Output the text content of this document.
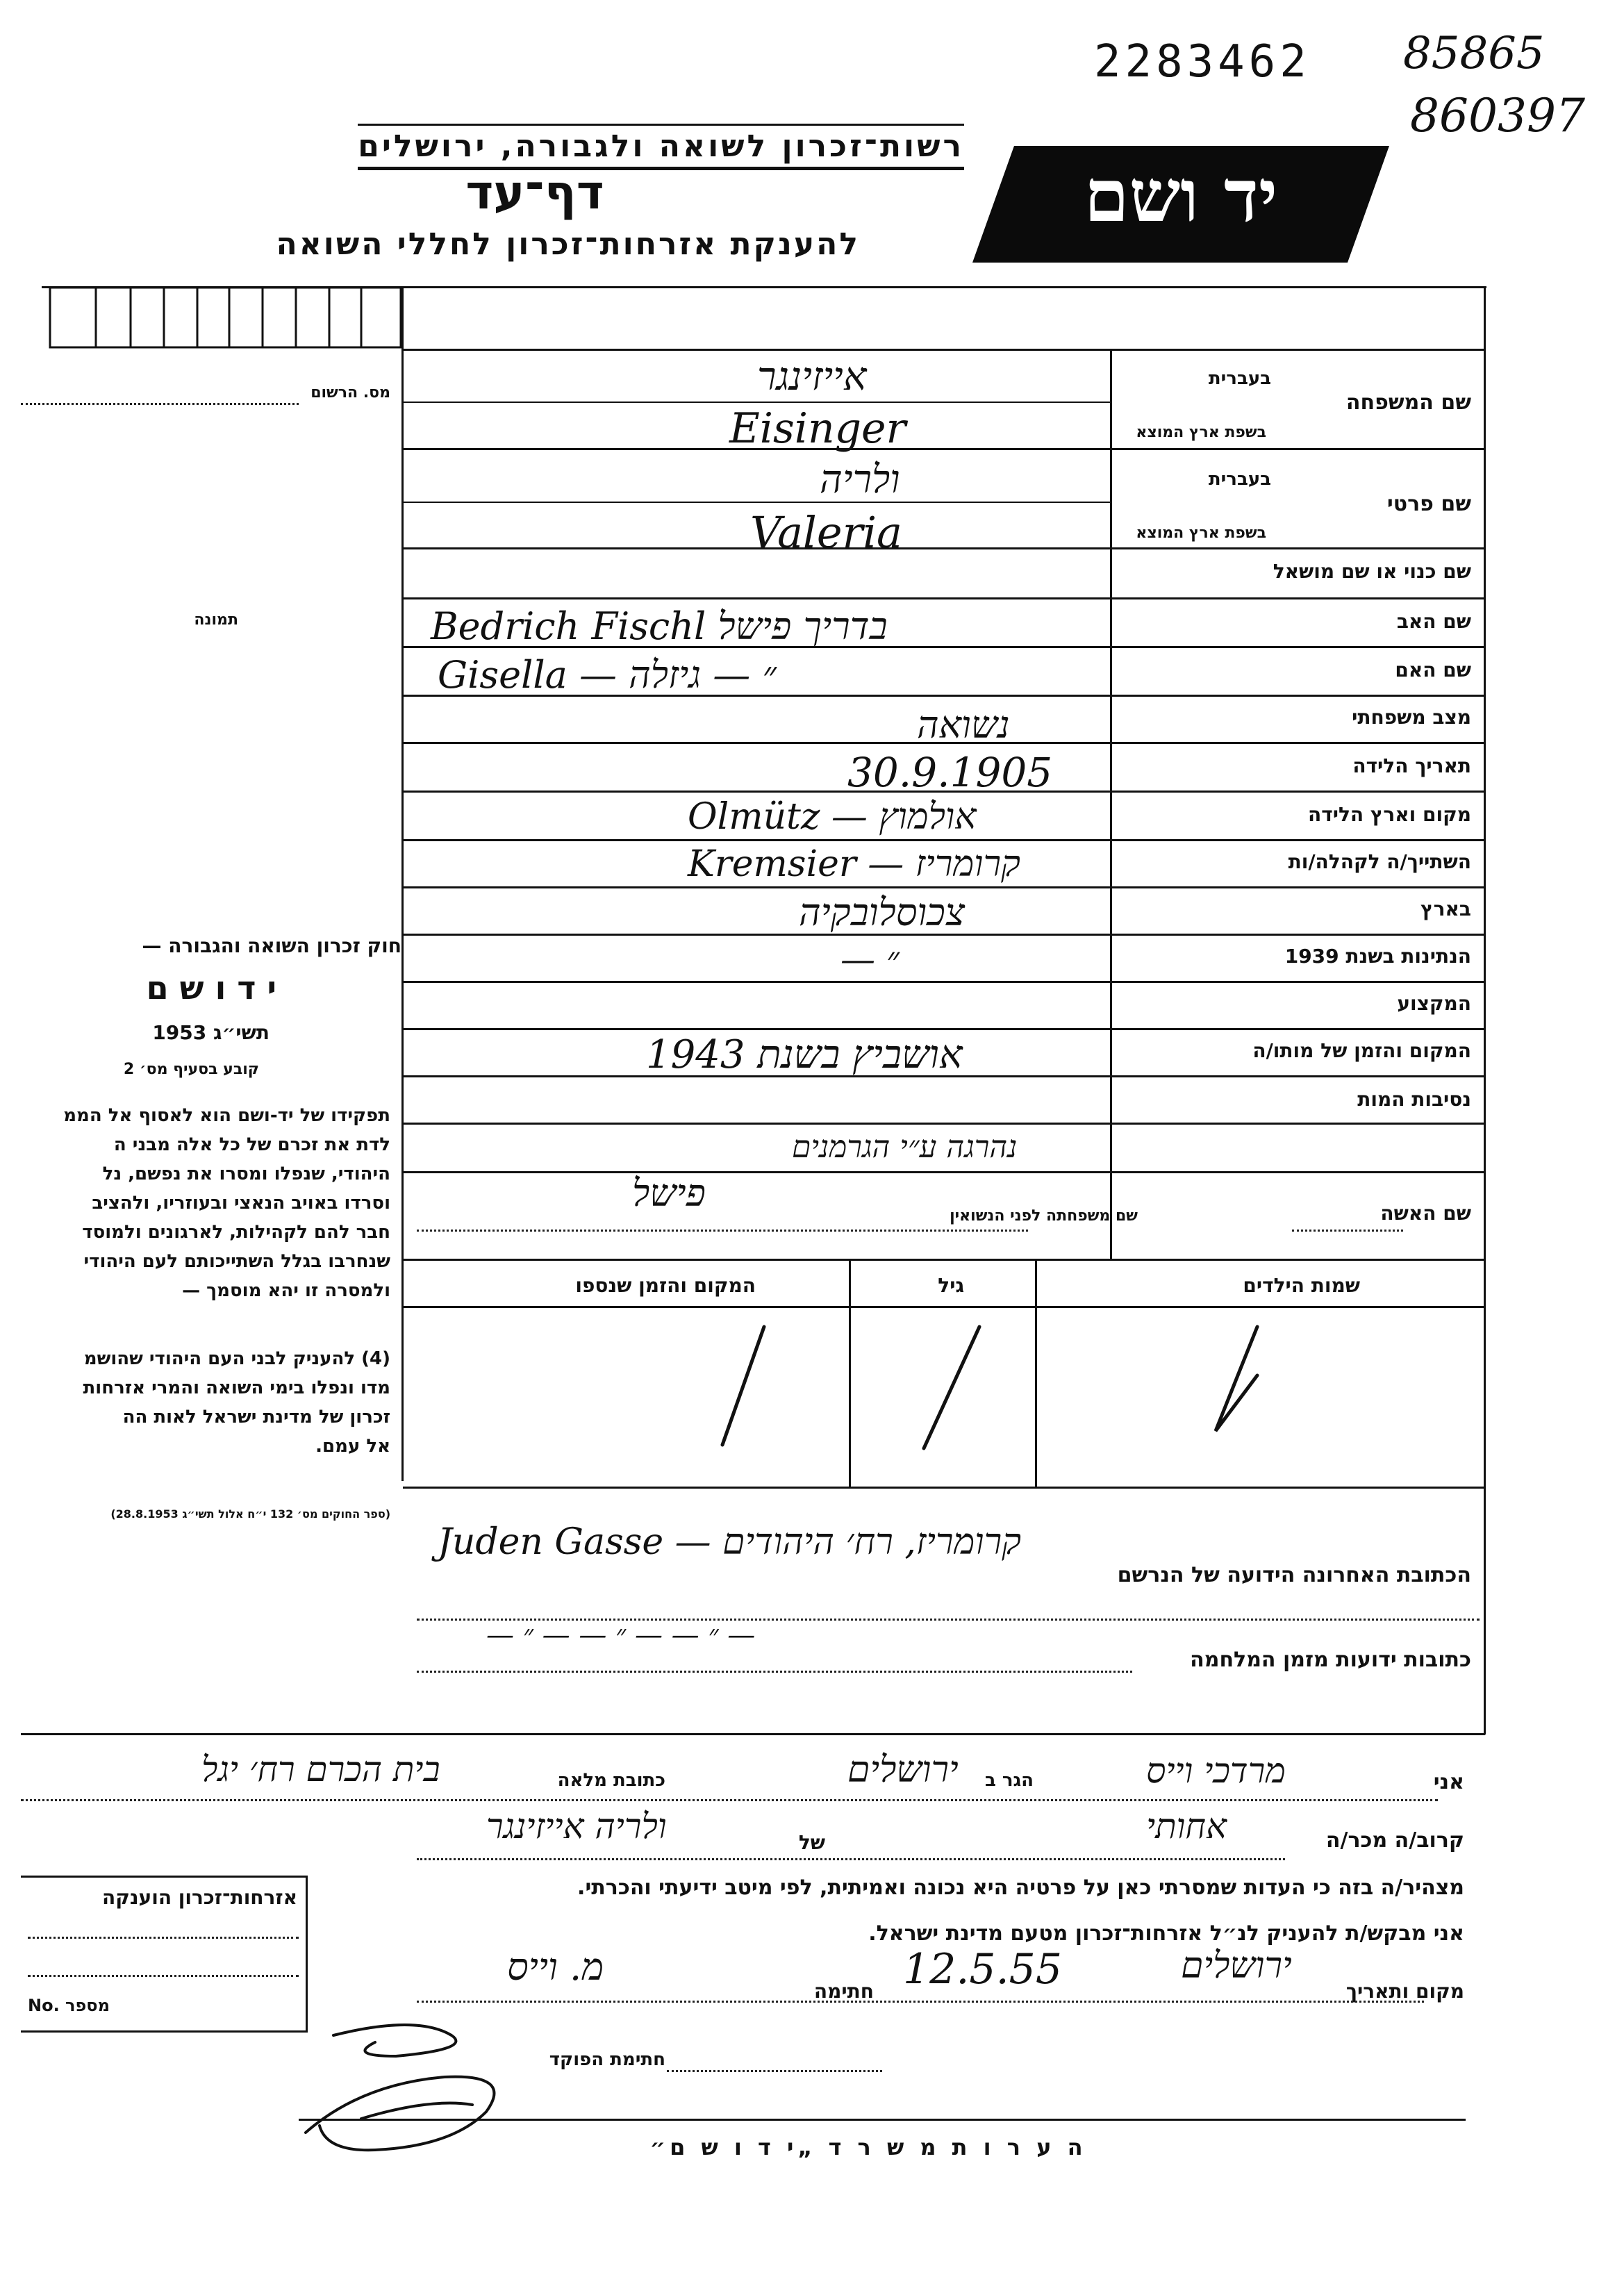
2283462 85865
860397
רשות־זכרון לשואה ולגבורה, ירושלים
דף־עד
להענקת אזרחות־זכרון לחללי השואה
יד ושם
מס. הרשום
תמונה
חוק זכרון השואה והגבורה —
י ד ו ש ם
תשי״ג 1953
קובע בסעיף מס׳ 2
תפקידו של יד-ושם הוא לאסוף אל הממ
לדת את זכרם של כל אלה מבני ה
היהודי, שנפלו ומסרו את נפשם, נל
וסרדו באויב הנאצי ובעוזריו, ולהציב
חבר להם לקהילות, לארגונים ולמוסד
שנחרבו בגלל השתייכותם לעם היהודי
ולמסרה זו יהא מוסמך —
(4) להעניק לבני העם היהודי שהושמ
מדו ונפלו בימי השואה והמרי אזרחות
זכרון של מדינת ישראל לאות הה
אל עמם.
(ספר החוקים מס׳ 132 י״ח אלול תשי״ג 28.8.1953)
בעברית
שם המשפחה
בשפת ארץ המוצא
בעברית
שם פרטי
בשפת ארץ המוצא
שם כנוי או שם מושאל
שם האב
שם האם
מצב משפחתי
תאריך הלידה
מקום וארץ הלידה
השתייך/ה לקהלה/ות
בארץ
הנתינות בשנת 1939
המקצוע
המקום והזמן של מותו/ה
נסיבות המות
שם האשה
שם משפחתה לפני הנשואין
שמות הילדים
גיל
המקום והזמן שנספו
אייזינגר
Eisinger
ולריה
Valeria
Bedrich Fischl בדריך פישל
Gisella — ״ — גיזלה
נשואה
30.9.1905
Olmütz — אולמוץ
Kremsier — קרומריז
צכוסלובקיה
— ״
אושביץ בשנת 1943
נהרגה ע״י הגרמנים
פישל
הכתובת האחרונה הידועה של הנרשם
Juden Gasse — קרומריז, רח׳ היהודים
כתובות ידועות מזמן המלחמה
— ״ — — ״ — — ״ —
אני
מרדכי וייס
הגר ב
ירושלים
כתובת מלאה
בית הכרם רח׳ יגל
קרוב/ה מכר/ה
אחותי
של
ולריה אייזינגר
מצהיר/ה בזה כי העדות שמסרתי כאן על פרטיה היא נכונה ואמיתית, לפי מיטב ידיעתי והכרתי.
אני מבקש/ת להעניק לנ״ל אזרחות־זכרון מטעם מדינת ישראל.
מקום ותאריך
ירושלים
12.5.55
חתימה
מ. וייס
אזרחות־זכרון הוענקה
No. מספר
חתימת הפוקד
ה ע ר ו ת מ ש ר ד „י ד ו ש ם״
